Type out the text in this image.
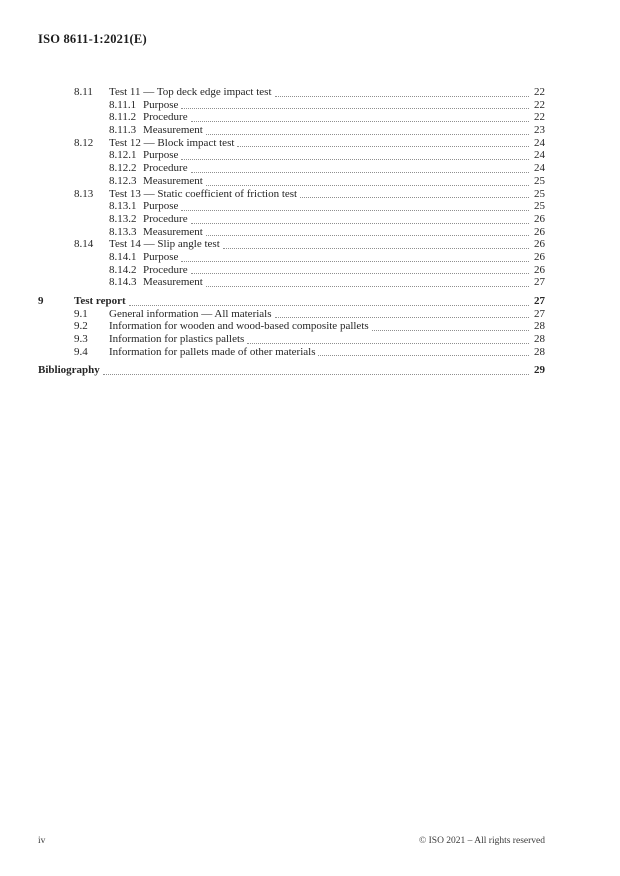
ISO 8611-1:2021(E)
8.11	Test 11 — Top deck edge impact test	22
8.11.1 Purpose	22
8.11.2 Procedure	22
8.11.3 Measurement	23
8.12	Test 12 — Block impact test	24
8.12.1 Purpose	24
8.12.2 Procedure	24
8.12.3 Measurement	25
8.13	Test 13 — Static coefficient of friction test	25
8.13.1 Purpose	25
8.13.2 Procedure	26
8.13.3 Measurement	26
8.14	Test 14 — Slip angle test	26
8.14.1 Purpose	26
8.14.2 Procedure	26
8.14.3 Measurement	27
9	Test report	27
9.1	General information — All materials	27
9.2	Information for wooden and wood-based composite pallets	28
9.3	Information for plastics pallets	28
9.4	Information for pallets made of other materials	28
Bibliography	29
iv	© ISO 2021 – All rights reserved
